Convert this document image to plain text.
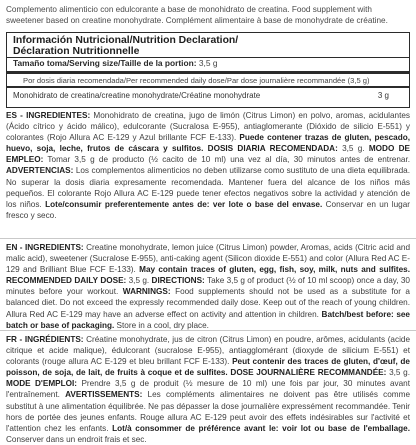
Complemento alimenticio con edulcorante a base de monohidrato de creatina. Food supplement with sweetener based on creatine monohydrate. Complément alimentaire à base de monohydrate de créatine.
Información Nutricional/Nutrition Declaration/
Déclaration Nutritionnelle
Tamaño toma/Serving size/Taille de la portion: 3,5 g
Por dosis diaria recomendada/Per recommended daily dose/Par dose journalière recommandée (3,5 g)
Monohidrato de creatina/creatine monohydrate/Créatine monohydrate	3 g
ES - INGREDIENTES: Monohidrato de creatina, jugo de limón (Citrus Limon) en polvo, aromas, acidulantes (Ácido cítrico y ácido málico), edulcorante (Sucralosa E-955), antiaglomerante (Dióxido de silicio E-551) y colorantes (Rojo Allura AC E-129 y Azul brillante FCF E-133). Puede contener trazas de gluten, pescado, huevo, soja, leche, frutos de cáscara y sulfitos. DOSIS DIARIA RECOMENDADA: 3,5 g. MODO DE EMPLEO: Tomar 3,5 g de producto (½ cacito de 10 ml) una vez al día, 30 minutos antes de entrenar. ADVERTENCIAS: Los complementos alimenticios no deben utilizarse como sustituto de una dieta equilibrada. No superar la dosis diaria expresamente recomendada. Mantener fuera del alcance de los niños más pequeños. El colorante Rojo Allura AC E-129 puede tener efectos negativos sobre la actividad y atención de los niños. Lote/consumir preferentemente antes de: ver lote o base del envase. Conservar en un lugar fresco y seco.
EN - INGREDIENTS: Creatine monohydrate, lemon juice (Citrus Limon) powder, Aromas, acids (Citric acid and malic acid), sweetener (Sucralose E-955), anti-caking agent (Silicon dioxide E-551) and color (Allura Red AC E-129 and Brilliant Blue FCF E-133). May contain traces of gluten, egg, fish, soy, milk, nuts and sulfites. RECOMMENDED DAILY DOSE: 3,5 g. DIRECTIONS: Take 3,5 g of product (½ of 10 ml scoop) once a day, 30 minutes before your workout. WARNINGS: Food supplements should not be used as a substitute for a balanced diet. Do not exceed the expressly recommended daily dose. Keep out of the reach of young children. Allura Red AC E-129 may have an adverse effect on activity and attention in children. Batch/best before: see batch or base of packaging. Store in a cool, dry place.
FR - INGRÉDIENTS: Créatine monohydrate, jus de citron (Citrus Limon) en poudre, arômes, acidulants (acide citrique et acide malique), édulcorant (sucralose E-955), antiagglomérant (dioxyde de silicium E-551) et colorants (rouge allura AC E-129 et bleu brillant FCF E-133). Peut contenir des traces de gluten, d'œuf, de poisson, de soja, de lait, de fruits à coque et de sulfites. DOSE JOURNALIÈRE RECOMMANDÉE: 3,5 g. MODE D'EMPLOI: Prendre 3,5 g de produit (½ mesure de 10 ml) une fois par jour, 30 minutes avant l'entraînement. AVERTISSEMENTS: Les compléments alimentaires ne doivent pas être utilisés comme substitut à une alimentation équilibrée. Ne pas dépasser la dose journalière expressément recommandée. Tenir hors de portée des jeunes enfants. Rouge allura AC E-129 peut avoir des effets indésirables sur l'activité et l'attention chez les enfants. Lot/à consommer de préférence avant le: voir lot ou base de l'emballage. Conserver dans un endroit frais et sec.
